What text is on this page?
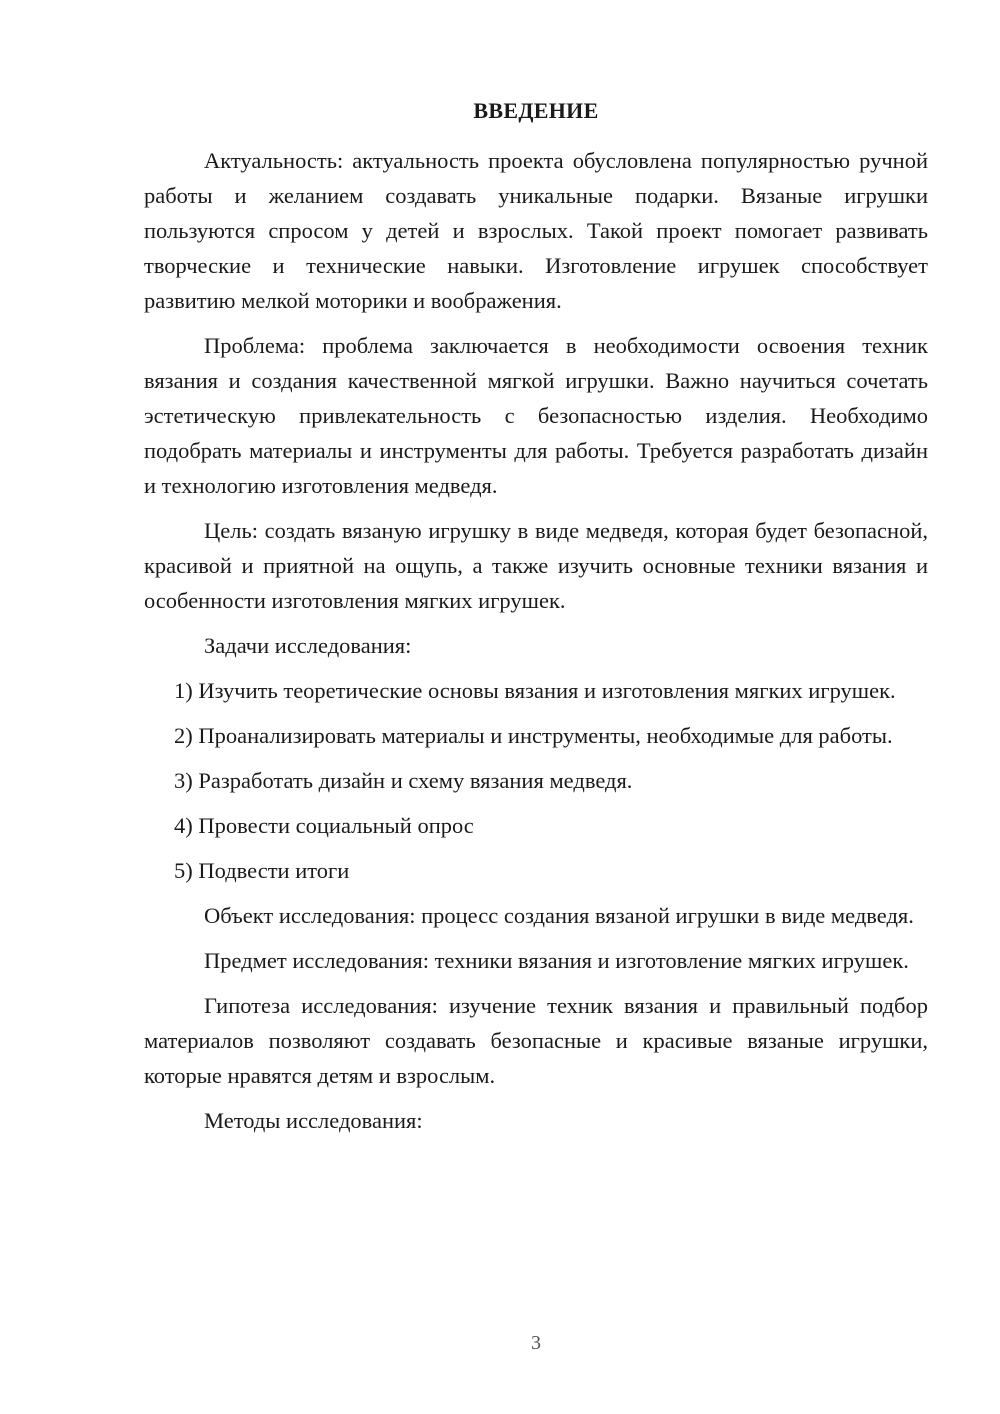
ВВЕДЕНИЕ

Актуальность: актуальность проекта обусловлена популярностью ручной работы и желанием создавать уникальные подарки. Вязаные игрушки пользуются спросом у детей и взрослых. Такой проект помогает развивать творческие и технические навыки. Изготовление игрушек способствует развитию мелкой моторики и воображения.

Проблема: проблема заключается в необходимости освоения техник вязания и создания качественной мягкой игрушки. Важно научиться сочетать эстетическую привлекательность с безопасностью изделия. Необходимо подобрать материалы и инструменты для работы. Требуется разработать дизайн и технологию изготовления медведя.

Цель: создать вязаную игрушку в виде медведя, которая будет безопасной, красивой и приятной на ощупь, а также изучить основные техники вязания и особенности изготовления мягких игрушек.

Задачи исследования:

1) Изучить теоретические основы вязания и изготовления мягких игрушек.

2) Проанализировать материалы и инструменты, необходимые для работы.

3) Разработать дизайн и схему вязания медведя.

4) Провести социальный опрос

5) Подвести итоги

Объект исследования: процесс создания вязаной игрушки в виде медведя.

Предмет исследования: техники вязания и изготовление мягких игрушек.

Гипотеза исследования: изучение техник вязания и правильный подбор материалов позволяют создавать безопасные и красивые вязаные игрушки, которые нравятся детям и взрослым.

Методы исследования:

3
